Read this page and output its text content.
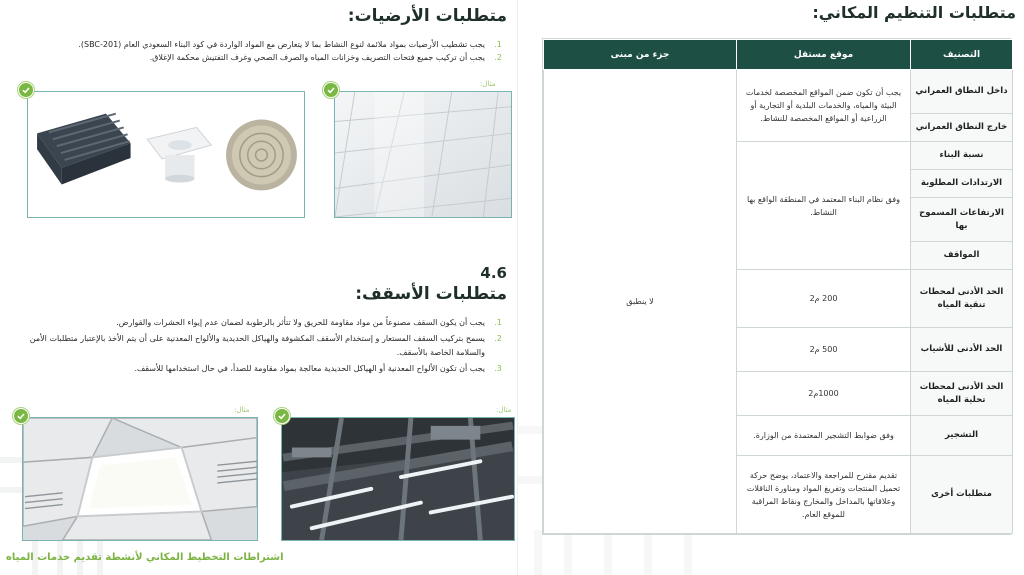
متطلبات الأرضيات:
1.
يجب تشطيب الأرضيات بمواد ملائمة لنوع النشاط بما لا يتعارض مع المواد الواردة في كود البناء السعودي العام (SBC-201).
2.
يجب أن تركيب جميع فتحات التصريف وخزانات المياه والصرف الصحي وغرف التفتيش محكمة الإغلاق.
مثال:
4.6
متطلبات الأسقف:
1.
يجب أن يكون السقف مصنوعاً من مواد مقاومة للحريق ولا تتأثر بالرطوبة لضمان عدم إيواء الحشرات والقوارض.
2.
يسمح بتركيب السقف المستعار و إستخدام الأسقف المكشوفة والهياكل الحديدية والألواح المعدنية على أن يتم الأخذ بالإعتبار متطلبات الأمن والسلامة الخاصة بالأسقف.
3.
يجب أن تكون الألواح المعدنية أو الهياكل الحديدية معالجة بمواد مقاومة للصدأ، في حال استخدامها للأسقف.
مثال:	مثال:
اشتراطات التخطيط المكاني لأنشطة تقديم خدمات المياه
متطلبات التنظيم المكاني:
التصنيف	موقع مستقل	جزء من مبنى
داخل النطاق العمراني	يجب أن تكون ضمن المواقع المخصصة لخدمات البيئة والمياه، والخدمات البلدية أو التجارية أو الزراعية أو المواقع المخصصة للنشاط.	لا ينطبق
خارج النطاق العمراني		
نسبة البناء	وفق نظام البناء المعتمد في المنطقة الواقع بها النشاط.	
الارتدادات المطلوبة		
الارتفاعات المسموح بها		
المواقف		
الحد الأدنى لمحطات تنقية المياه	200 م2	
الحد الأدنى للأشياب	500 م2	
الحد الأدنى لمحطات تحلية المياه	1000م2	
التشجير	وفق ضوابط التشجير المعتمدة من الوزارة.	
متطلبات أخرى	تقديم مقترح للمراجعة والاعتماد، يوضح حركة تحميل المنتجات وتفريغ المواد ومناورة الناقلات وعلاقاتها بالمداخل والمخارج ونقاط المراقبة للموقع العام.	
